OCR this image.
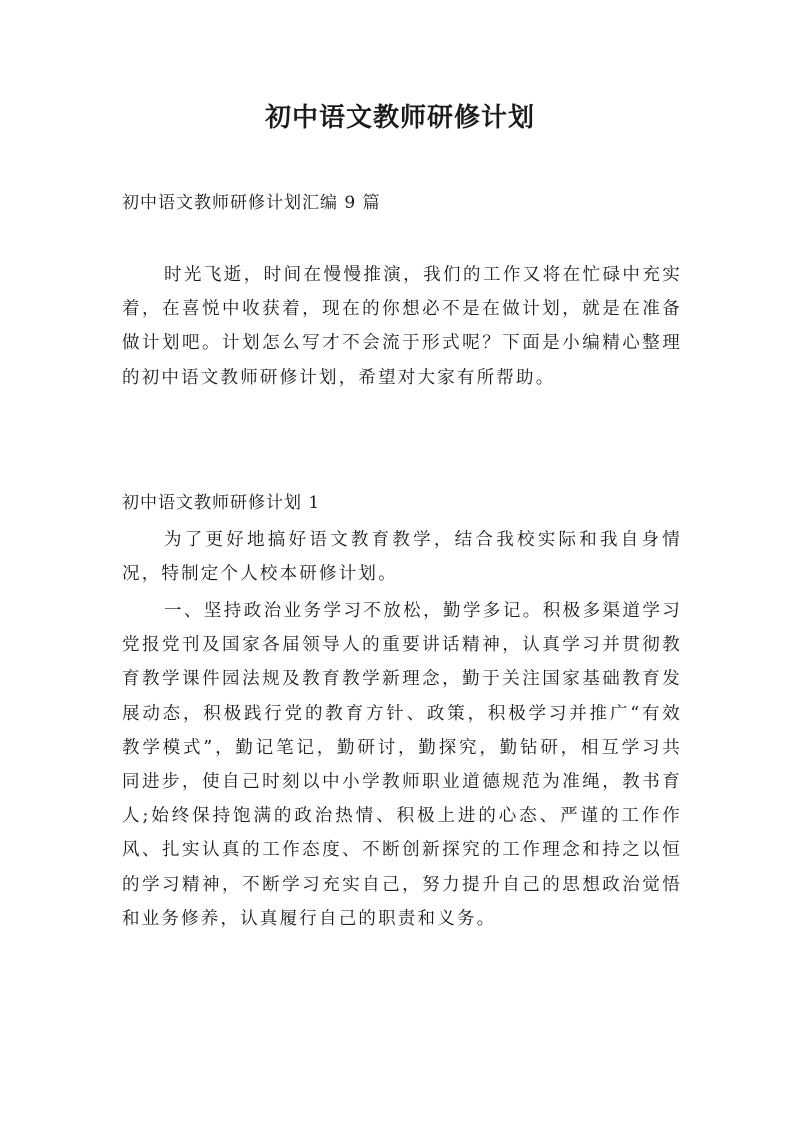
初中语文教师研修计划

初中语文教师研修计划汇编 9 篇

时光飞逝，时间在慢慢推演，我们的工作又将在忙碌中充实着，在喜悦中收获着，现在的你想必不是在做计划，就是在准备做计划吧。计划怎么写才不会流于形式呢？下面是小编精心整理的初中语文教师研修计划，希望对大家有所帮助。

初中语文教师研修计划 1

为了更好地搞好语文教育教学，结合我校实际和我自身情况，特制定个人校本研修计划。

一、坚持政治业务学习不放松，勤学多记。积极多渠道学习党报党刊及国家各届领导人的重要讲话精神，认真学习并贯彻教育教学课件园法规及教育教学新理念，勤于关注国家基础教育发展动态，积极践行党的教育方针、政策，积极学习并推广“有效教学模式”，勤记笔记，勤研讨，勤探究，勤钻研，相互学习共同进步，使自己时刻以中小学教师职业道德规范为准绳，教书育人;始终保持饱满的政治热情、积极上进的心态、严谨的工作作风、扎实认真的工作态度、不断创新探究的工作理念和持之以恒的学习精神，不断学习充实自己，努力提升自己的思想政治觉悟和业务修养，认真履行自己的职责和义务。
